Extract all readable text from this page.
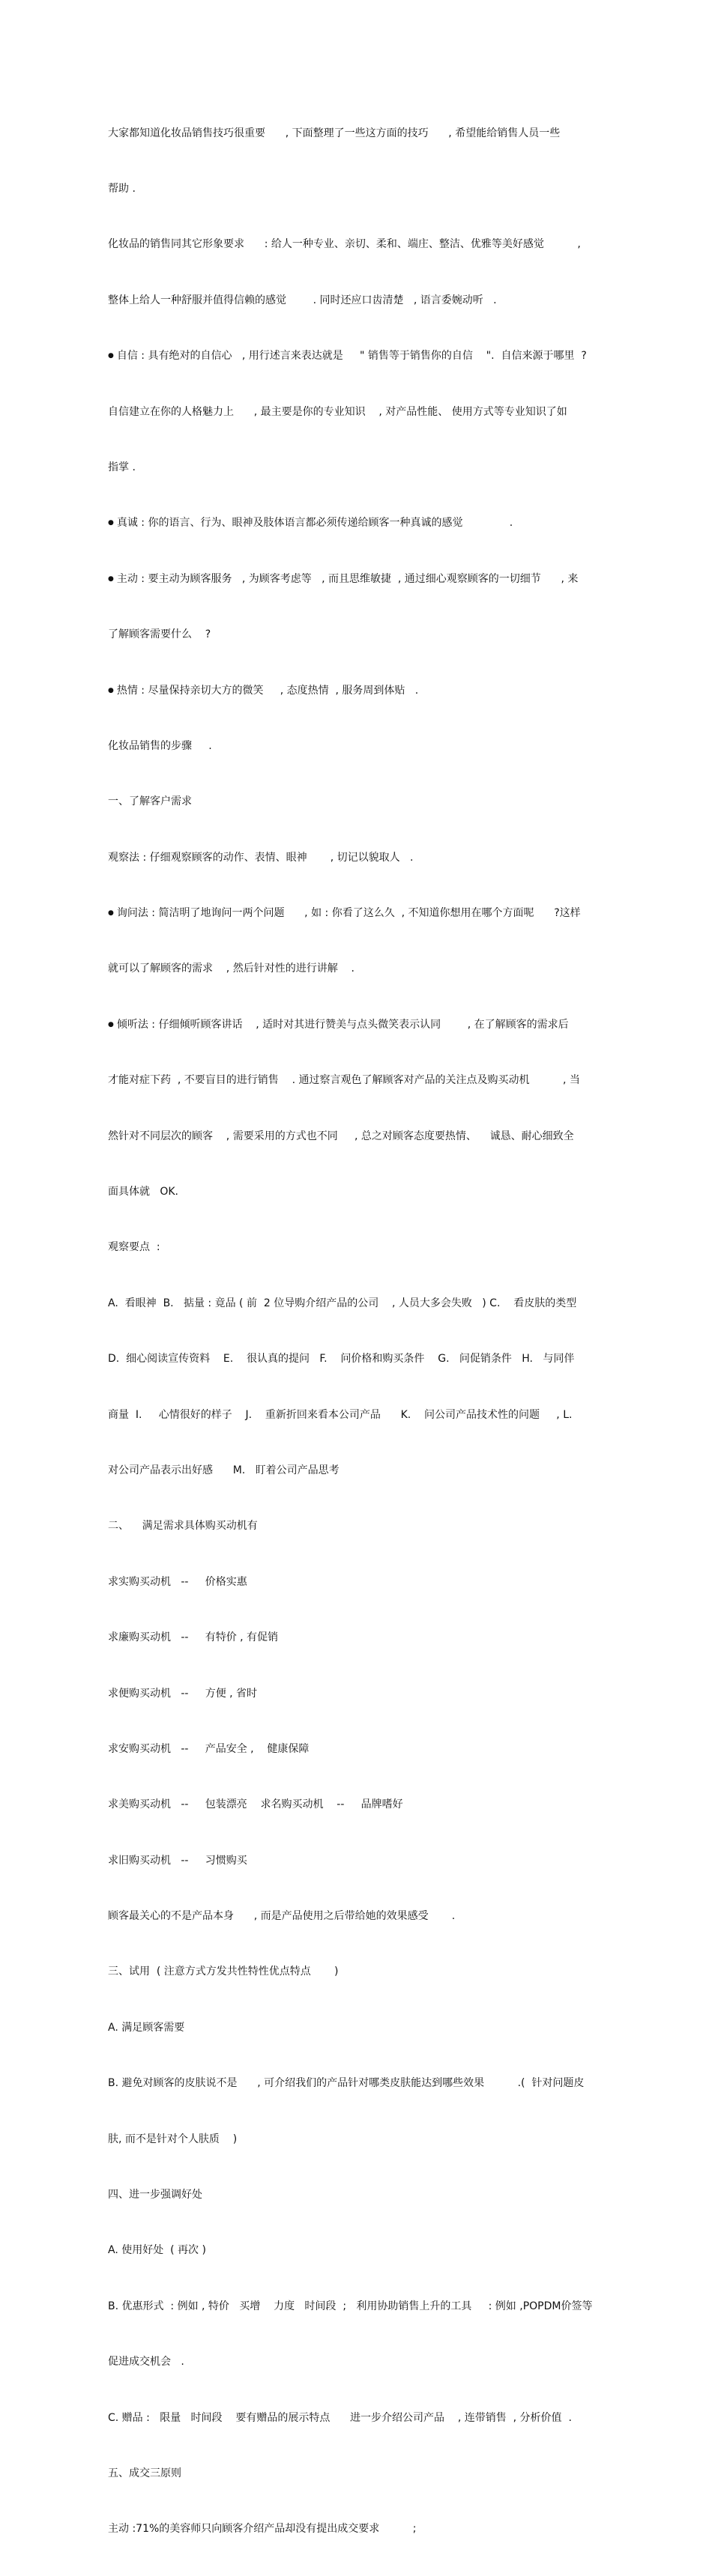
大家都知道化妆品销售技巧很重要      , 下面整理了一些这方面的技巧      , 希望能给销售人员一些

帮助 .

化妆品的销售同其它形象要求      : 给人一种专业、亲切、柔和、端庄、整洁、优雅等美好感觉          ,

整体上给人一种舒服并值得信赖的感觉        . 同时还应口齿清楚   , 语言委婉动听   .

● 自信 : 具有绝对的自信心   , 用行述言来表达就是     " 销售等于销售你的自信    ".  自信来源于哪里  ?

自信建立在你的人格魅力上      , 最主要是你的专业知识    , 对产品性能、 使用方式等专业知识了如

指掌 .

● 真诚 : 你的语言、行为、眼神及肢体语言都必须传递给顾客一种真诚的感觉              .

● 主动 : 要主动为顾客服务   , 为顾客考虑等   , 而且思维敏捷  , 通过细心观察顾客的一切细节      , 来

了解顾客需要什么    ?

● 热情 : 尽量保持亲切大方的微笑     , 态度热情  , 服务周到体贴   .

化妆品销售的步骤     .

一、了解客户需求

观察法 : 仔细观察顾客的动作、表情、眼神       , 切记以貌取人   .

● 询问法 : 简洁明了地询问一两个问题      , 如 : 你看了这么久  , 不知道你想用在哪个方面呢      ?这样

就可以了解顾客的需求    , 然后针对性的进行讲解    .

● 倾听法 : 仔细倾听顾客讲话    , 适时对其进行赞美与点头微笑表示认同        , 在了解顾客的需求后

才能对症下药  , 不要盲目的进行销售    . 通过察言观色了解顾客对产品的关注点及购买动机          , 当

然针对不同层次的顾客    , 需要采用的方式也不同     , 总之对顾客态度要热情、    诚恳、耐心细致全

面具体就   OK.

观察要点  :

A.  看眼神  B.   掂量 : 竟品 ( 前  2 位导购介绍产品的公司    , 人员大多会失败   ) C.    看皮肤的类型

D.  细心阅读宣传资料    E.    很认真的提问   F.    问价格和购买条件    G.   问促销条件   H.   与同伴

商量  I.     心情很好的样子    J.    重新折回来看本公司产品      K.    问公司产品技术性的问题     , L.

对公司产品表示出好感      M.   盯着公司产品思考

二、    满足需求具体购买动机有

求实购买动机   --     价格实惠

求廉购买动机   --     有特价 , 有促销

求便购买动机   --     方便 , 省时

求安购买动机   --     产品安全 ,    健康保障

求美购买动机   --     包装漂亮    求名购买动机    --     品牌嗜好

求旧购买动机   --     习惯购买

顾客最关心的不是产品本身      , 而是产品使用之后带给她的效果感受       .

三、试用  ( 注意方式方发共性特性优点特点       )

A. 满足顾客需要

B. 避免对顾客的皮肤说不是      , 可介绍我们的产品针对哪类皮肤能达到哪些效果          .(  针对问题皮

肤, 而不是针对个人肤质    )

四、进一步强调好处

A. 使用好处  ( 再次 )

B. 优惠形式  : 例如 , 特价   买增    力度   时间段  ;   利用协助销售上升的工具     : 例如 ,POPDM价签等

促进成交机会   .

C. 赠品 :   限量   时间段    要有赠品的展示特点      进一步介绍公司产品    , 连带销售  , 分析价值  .

五、成交三原则

主动 :71%的美容师只向顾客介绍产品却没有提出成交要求          ;
